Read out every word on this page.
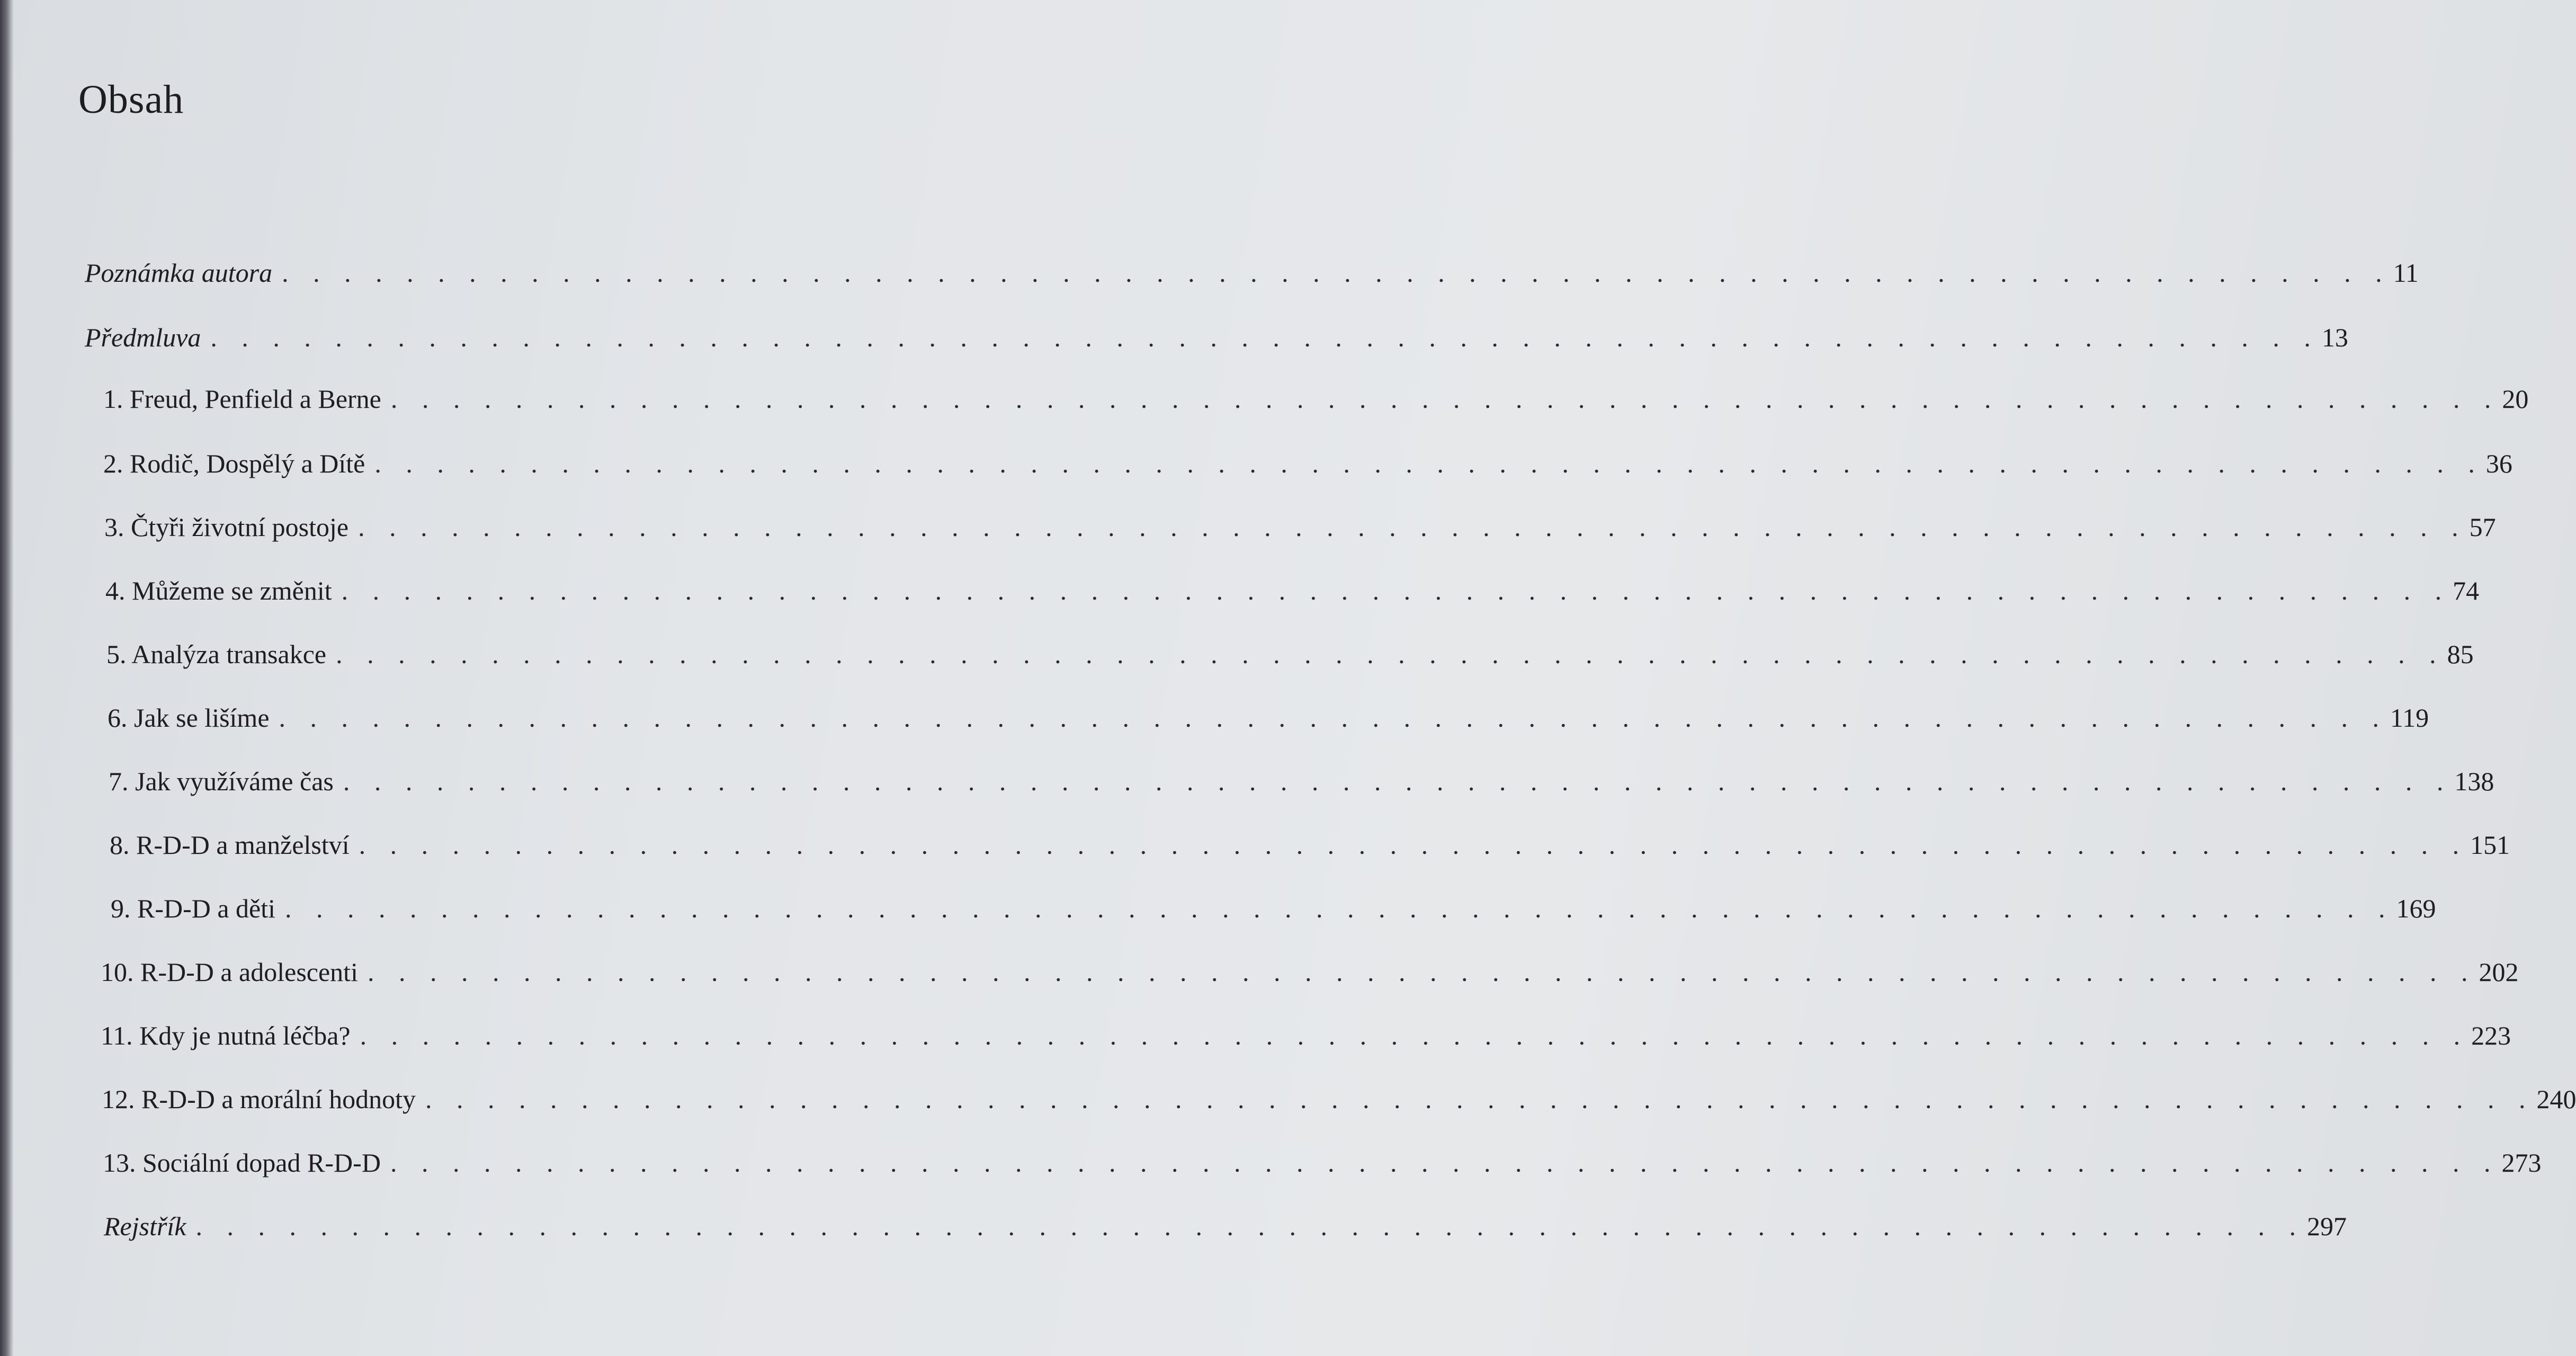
Obsah
Poznámka autora . . . . . . . . . . . . . . . . . . . . . . . . . . . . . . . . . . . . . . . . . . . . . . . . . . . . . . . . . . . . . . . . . . . . 11
Předmluva . . . . . . . . . . . . . . . . . . . . . . . . . . . . . . . . . . . . . . . . . . . . . . . . . . . . . . . . . . . . . . . . . . . . 13
1. Freud, Penfield a Berne . . . . . . . . . . . . . . . . . . . . . . . . . . . . . . . . . . . . . . . . . . . . . . . . . . . . . . . . . . . . . . . . . . . . 20
2. Rodič, Dospělý a Dítě . . . . . . . . . . . . . . . . . . . . . . . . . . . . . . . . . . . . . . . . . . . . . . . . . . . . . . . . . . . . . . . . . . . . 36
3. Čtyři životní postoje . . . . . . . . . . . . . . . . . . . . . . . . . . . . . . . . . . . . . . . . . . . . . . . . . . . . . . . . . . . . . . . . . . . . 57
4. Můžeme se změnit . . . . . . . . . . . . . . . . . . . . . . . . . . . . . . . . . . . . . . . . . . . . . . . . . . . . . . . . . . . . . . . . . . . . 74
5. Analýza transakce . . . . . . . . . . . . . . . . . . . . . . . . . . . . . . . . . . . . . . . . . . . . . . . . . . . . . . . . . . . . . . . . . . . . 85
6. Jak se lišíme . . . . . . . . . . . . . . . . . . . . . . . . . . . . . . . . . . . . . . . . . . . . . . . . . . . . . . . . . . . . . . . . . . . . 119
7. Jak využíváme čas . . . . . . . . . . . . . . . . . . . . . . . . . . . . . . . . . . . . . . . . . . . . . . . . . . . . . . . . . . . . . . . . . . . . 138
8. R-D-D a manželství . . . . . . . . . . . . . . . . . . . . . . . . . . . . . . . . . . . . . . . . . . . . . . . . . . . . . . . . . . . . . . . . . . . . 151
9. R-D-D a děti . . . . . . . . . . . . . . . . . . . . . . . . . . . . . . . . . . . . . . . . . . . . . . . . . . . . . . . . . . . . . . . . . . . . 169
10. R-D-D a adolescenti . . . . . . . . . . . . . . . . . . . . . . . . . . . . . . . . . . . . . . . . . . . . . . . . . . . . . . . . . . . . . . . . . . . . 202
11. Kdy je nutná léčba? . . . . . . . . . . . . . . . . . . . . . . . . . . . . . . . . . . . . . . . . . . . . . . . . . . . . . . . . . . . . . . . . . . . . 223
12. R-D-D a morální hodnoty . . . . . . . . . . . . . . . . . . . . . . . . . . . . . . . . . . . . . . . . . . . . . . . . . . . . . . . . . . . . . . . . . . . . 240
13. Sociální dopad R-D-D . . . . . . . . . . . . . . . . . . . . . . . . . . . . . . . . . . . . . . . . . . . . . . . . . . . . . . . . . . . . . . . . . . . . 273
Rejstřík . . . . . . . . . . . . . . . . . . . . . . . . . . . . . . . . . . . . . . . . . . . . . . . . . . . . . . . . . . . . . . . . . . . . 297
